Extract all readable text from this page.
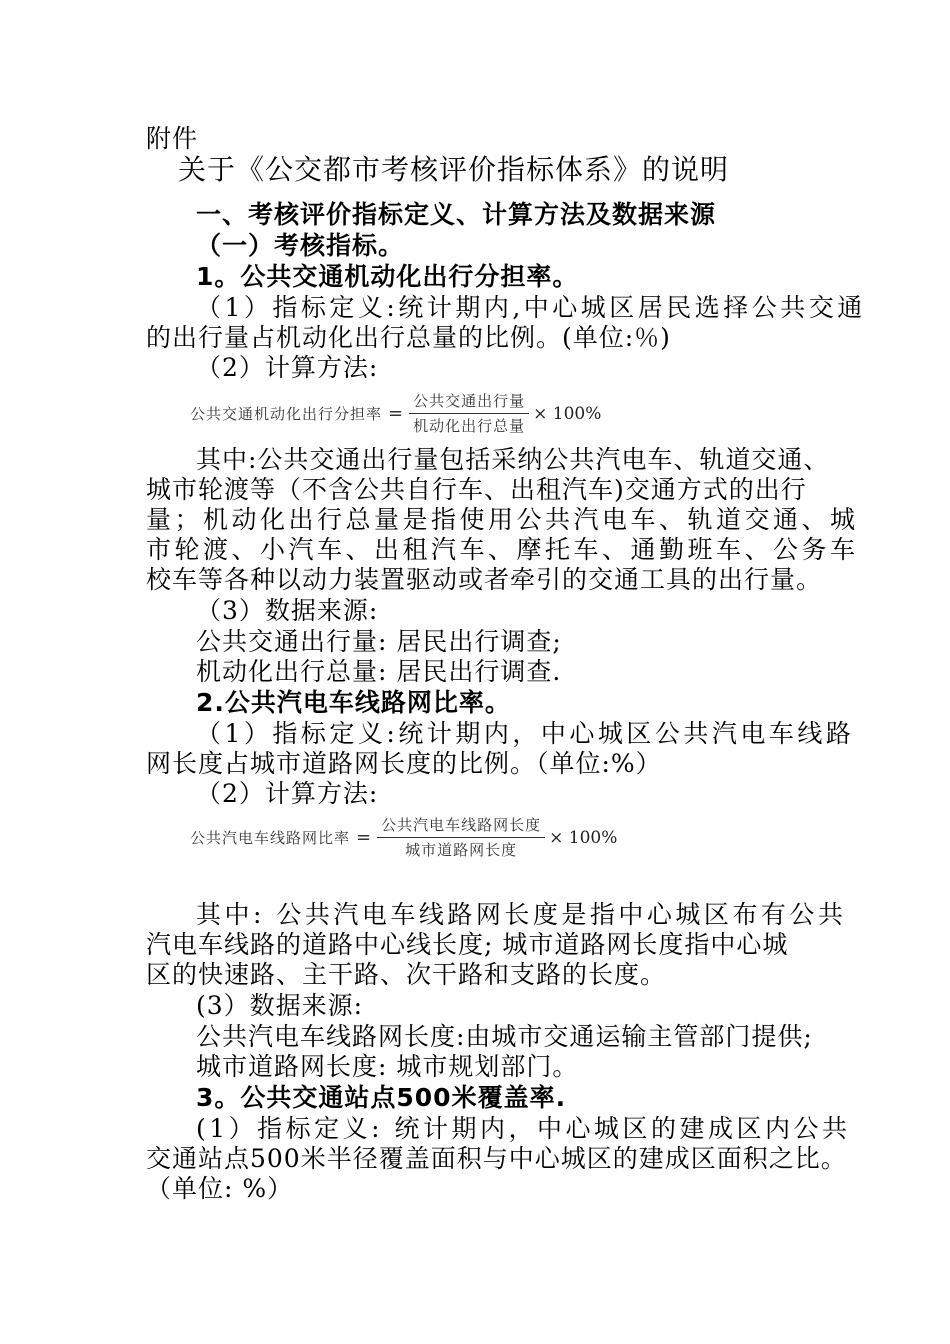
附件
关于《公交都市考核评价指标体系》的说明
一、考核评价指标定义、计算方法及数据来源
（一）考核指标。
1。公共交通机动化出行分担率。
（1）指标定义:统计期内,中心城区居民选择公共交通
的出行量占机动化出行总量的比例。(单位:％)
（2）计算方法:
公共交通机动化出行分担率 = $\frac{\text{公共交通出行量}}{\text{机动化出行总量}} \times 100\%$
其中:公共交通出行量包括采纳公共汽电车、轨道交通、
城市轮渡等（不含公共自行车、出租汽车)交通方式的出行
量；机动化出行总量是指使用公共汽电车、轨道交通、城
市轮渡、小汽车、出租汽车、摩托车、通勤班车、公务车
校车等各种以动力装置驱动或者牵引的交通工具的出行量。
（3）数据来源:
公共交通出行量: 居民出行调查;
机动化出行总量: 居民出行调查.
2.公共汽电车线路网比率。
（1）指标定义:统计期内，中心城区公共汽电车线路
网长度占城市道路网长度的比例。（单位:%）
（2）计算方法:
公共汽电车线路网比率 = $\frac{\text{公共汽电车线路网长度}}{\text{城市道路网长度}} \times 100\%$
其中: 公共汽电车线路网长度是指中心城区布有公共
汽电车线路的道路中心线长度; 城市道路网长度指中心城
区的快速路、主干路、次干路和支路的长度。
(3）数据来源:
公共汽电车线路网长度:由城市交通运输主管部门提供;
城市道路网长度: 城市规划部门。
3。公共交通站点500米覆盖率.
(1）指标定义: 统计期内，中心城区的建成区内公共
交通站点500米半径覆盖面积与中心城区的建成区面积之比。
（单位: %）
